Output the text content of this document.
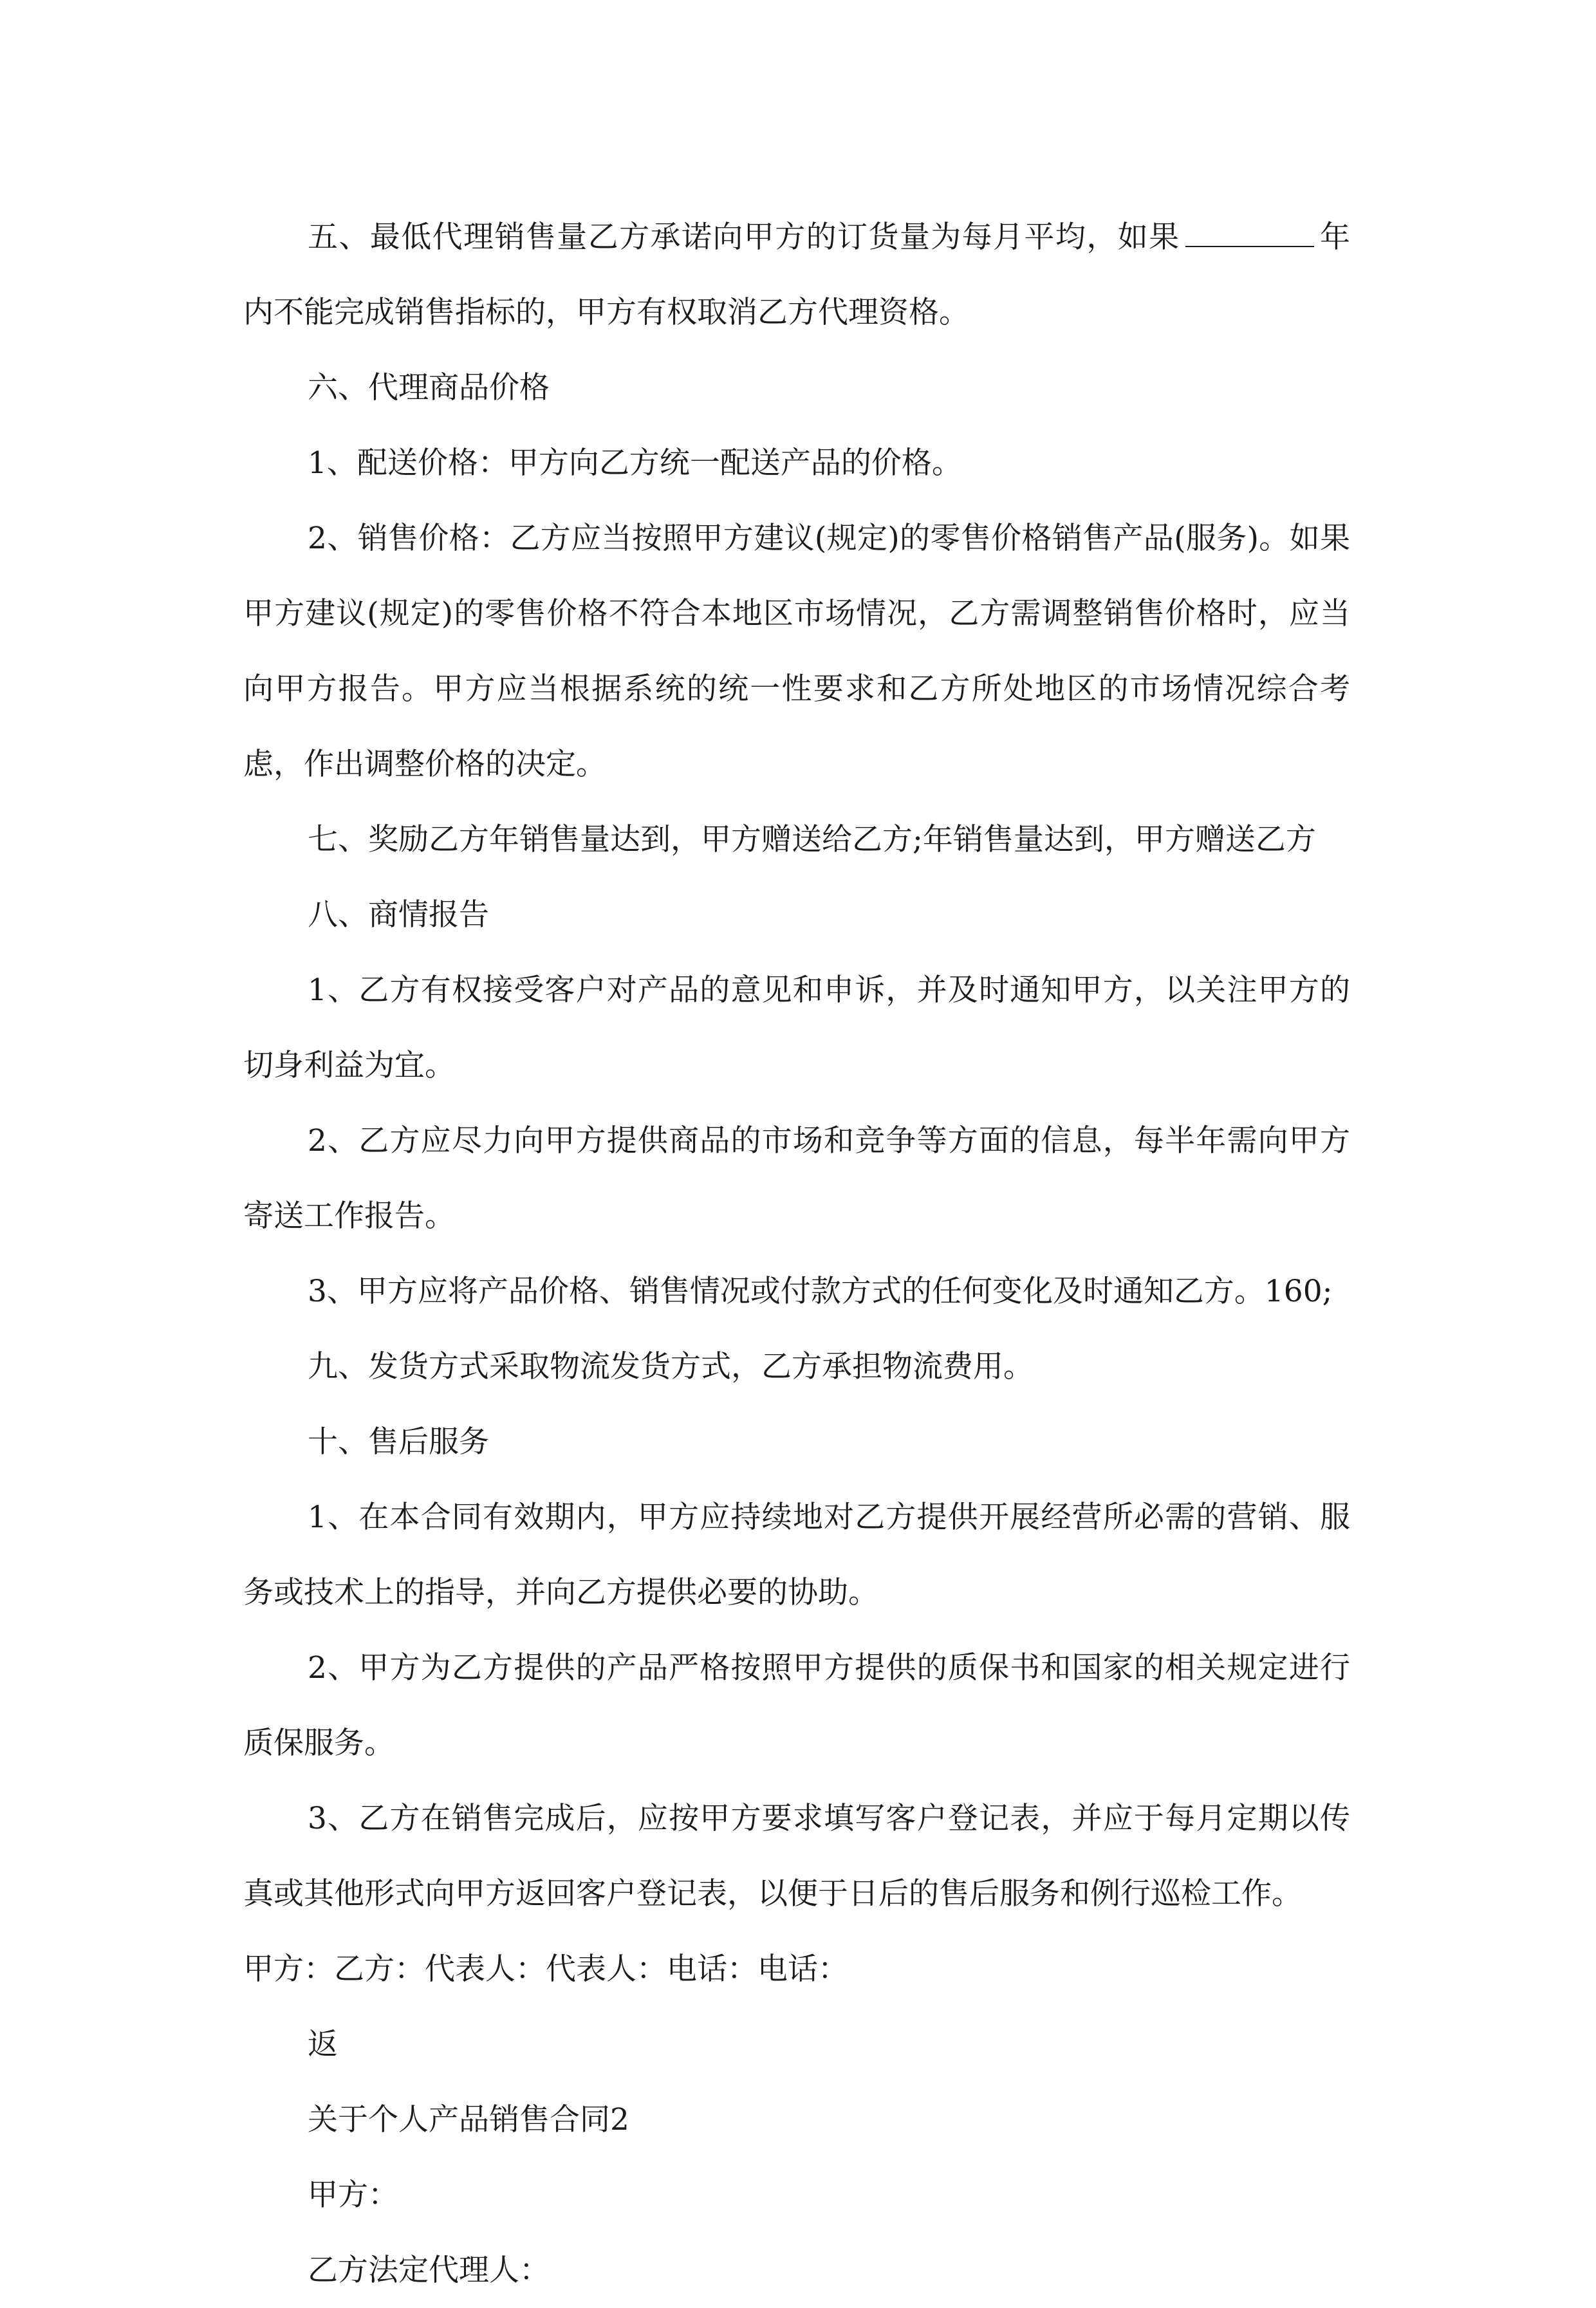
五、最低代理销售量乙方承诺向甲方的订货量为每月平均，如果	年内不能完成销售指标的，甲方有权取消乙方代理资格。

六、代理商品价格

1、配送价格：甲方向乙方统一配送产品的价格。

2、销售价格：乙方应当按照甲方建议(规定)的零售价格销售产品(服务)。如果甲方建议(规定)的零售价格不符合本地区市场情况，乙方需调整销售价格时，应当向甲方报告。甲方应当根据系统的统一性要求和乙方所处地区的市场情况综合考虑，作出调整价格的决定。

七、奖励乙方年销售量达到，甲方赠送给乙方;年销售量达到，甲方赠送乙方

八、商情报告

1、乙方有权接受客户对产品的意见和申诉，并及时通知甲方，以关注甲方的切身利益为宜。

2、乙方应尽力向甲方提供商品的市场和竞争等方面的信息，每半年需向甲方寄送工作报告。

3、甲方应将产品价格、销售情况或付款方式的任何变化及时通知乙方。160;

九、发货方式采取物流发货方式，乙方承担物流费用。

十、售后服务

1、在本合同有效期内，甲方应持续地对乙方提供开展经营所必需的营销、服务或技术上的指导，并向乙方提供必要的协助。

2、甲方为乙方提供的产品严格按照甲方提供的质保书和国家的相关规定进行质保服务。

3、乙方在销售完成后，应按甲方要求填写客户登记表，并应于每月定期以传真或其他形式向甲方返回客户登记表，以便于日后的售后服务和例行巡检工作。

甲方：乙方：代表人：代表人：电话：电话：

返

关于个人产品销售合同2

甲方：

乙方法定代理人：
